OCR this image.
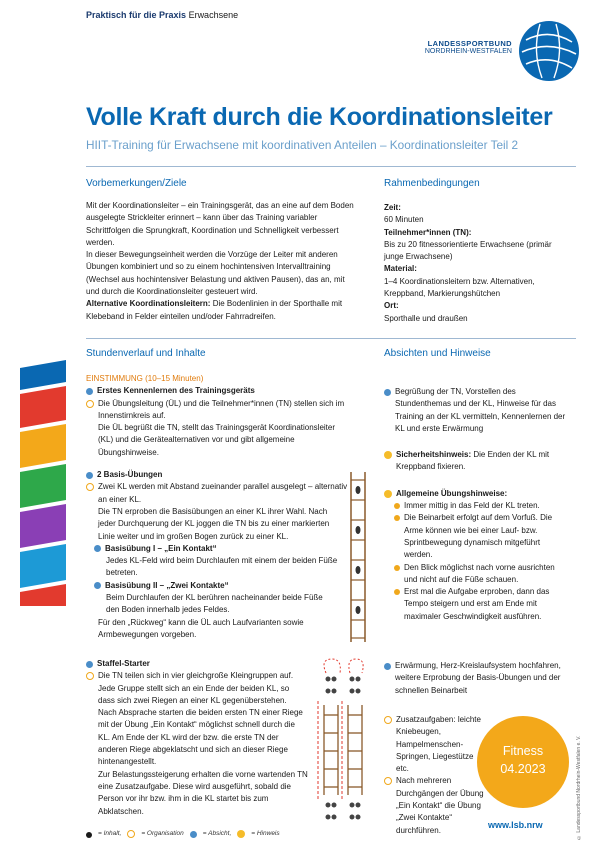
Praktisch für die Praxis Erwachsene
LANDESSPORTBUND
NORDRHEIN-WESTFALEN
Volle Kraft durch die Koordinationsleiter
HIIT-Training für Erwachsene mit koordinativen Anteilen – Koordinationsleiter Teil 2
Vorbemerkungen/Ziele

Mit der Koordinationsleiter – ein Trainingsgerät, das an eine auf dem Boden ausgelegte Strickleiter erinnert – kann über das Training variabler Schrittfolgen die Sprungkraft, Koordination und Schnelligkeit verbessert werden.

In dieser Bewegungseinheit werden die Vorzüge der Leiter mit anderen Übungen kombiniert und so zu einem hochintensiven Intervalltraining (Wechsel aus hochintensiver Belastung und aktiven Pausen), das an, mit und durch die Koordinationsleiter gesteuert wird.

Alternative Koordinationsleitern: Die Bodenlinien in der Sporthalle mit Klebeband in Felder einteilen und/oder Fahrradreifen.

Rahmenbedingungen

Zeit:

60 Minuten

Teilnehmer*innen (TN):

Bis zu 20 fitnessorientierte Erwachsene (primär junge Erwachsene)

Material:

1–4 Koordinationsleitern bzw. Alternativen, Kreppband, Markierungshütchen

Ort:

Sporthalle und draußen

Stundenverlauf und Inhalte	Absichten und Hinweise

EINSTIMMUNG (10–15 Minuten)

Erstes Kennenlernen des Trainingsgeräts
Die Übungsleitung (ÜL) und die Teilnehmer*innen (TN) stellen sich im Innenstirnkreis auf.

Die ÜL begrüßt die TN, stellt das Trainingsgerät Koordinationsleiter (KL) und die Gerätealternativen vor und gibt allgemeine Übungshinweise.

2 Basis-Übungen
Zwei KL werden mit Abstand zueinander parallel ausgelegt – alternativ an einer KL.

Die TN erproben die Basisübungen an einer KL ihrer Wahl. Nach jeder Durchquerung der KL joggen die TN bis zu einer markierten Linie weiter und im großen Bogen zurück zu einer KL.

Basisübung I – „Ein Kontakt“

Jedes KL-Feld wird beim Durchlaufen mit einem der beiden Füße betreten.

Basisübung II – „Zwei Kontakte“

Beim Durchlaufen der KL berühren nacheinander beide Füße den Boden innerhalb jedes Feldes.

Für den „Rückweg“ kann die ÜL auch Laufvarianten sowie Armbewegungen vorgeben.

Staffel-Starter
Die TN teilen sich in vier gleichgroße Kleingruppen auf. Jede Gruppe stellt sich an ein Ende der beiden KL, so dass sich zwei Riegen an einer KL gegenüberstehen.

Nach Absprache starten die beiden ersten TN einer Riege mit der Übung „Ein Kontakt“ möglichst schnell durch die KL. Am Ende der KL wird der bzw. die erste TN der anderen Riege abgeklatscht und sich an dieser Riege hintenangestellt.

Zur Belastungssteigerung erhalten die vorne wartenden TN eine Zusatzaufgabe. Diese wird ausgeführt, sobald die Person vor ihr bzw. ihm in die KL startet bis zum Abklatschen.

Begrüßung der TN, Vorstellen des Stundenthemas und der KL, Hinweise für das Training an der KL vermitteln, Kennenlernen der KL und erste Erwärmung
Sicherheitshinweis: Die Enden der KL mit Kreppband fixieren.
Allgemeine Übungshinweise:
Immer mittig in das Feld der KL treten.
Die Beinarbeit erfolgt auf dem Vorfuß. Die Arme können wie bei einer Lauf- bzw. Sprintbewegung dynamisch mitgeführt werden.
Den Blick möglichst nach vorne ausrichten und nicht auf die Füße schauen.
Erst mal die Aufgabe erproben, dann das Tempo steigern und erst am Ende mit maximaler Geschwindigkeit ausführen.
Erwärmung, Herz-Kreislaufsystem hochfahren, weitere Erprobung der Basis-Übungen und der schnellen Beinarbeit
Zusatzaufgaben: leichte Kniebeugen, Hampelmenschen-Springen, Liegestütze etc.
Nach mehreren Durchgängen der Übung „Ein Kontakt“ die Übung „Zwei Kontakte“ durchführen.
Fitness
04.2023
www.lsb.nrw
= Inhalt,	= Organisation	= Absicht,	= Hinweis	© Landessportbund Nordrhein-Westfalen e. V.
